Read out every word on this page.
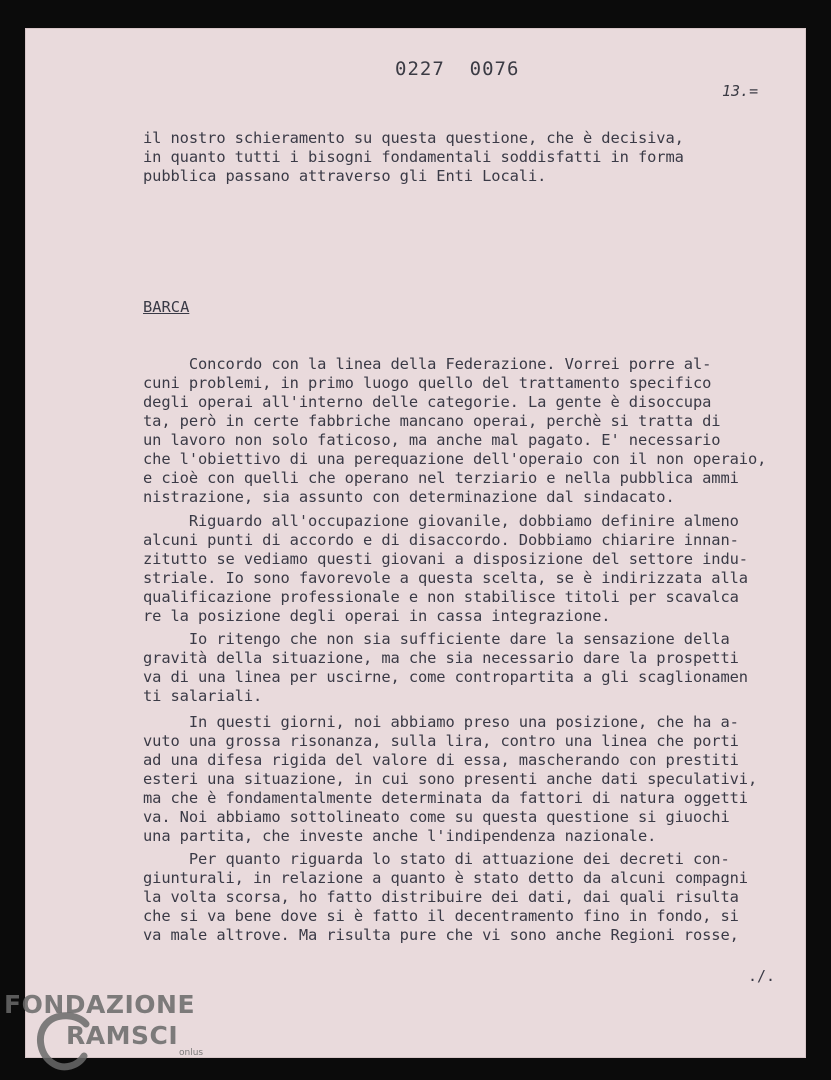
0227  0076
13.=
il nostro schieramento su questa questione, che è decisiva,
in quanto tutti i bisogni fondamentali soddisfatti in forma
pubblica passano attraverso gli Enti Locali.
BARCA
Concordo con la linea della Federazione. Vorrei porre al-
cuni problemi, in primo luogo quello del trattamento specifico
degli operai all'interno delle categorie. La gente è disoccupa
ta, però in certe fabbriche mancano operai, perchè si tratta di
un lavoro non solo faticoso, ma anche mal pagato. E' necessario
che l'obiettivo di una perequazione dell'operaio con il non operaio,
e cioè con quelli che operano nel terziario e nella pubblica ammi
nistrazione, sia assunto con determinazione dal sindacato.
Riguardo all'occupazione giovanile, dobbiamo definire almeno
alcuni punti di accordo e di disaccordo. Dobbiamo chiarire innan-
zitutto se vediamo questi giovani a disposizione del settore indu-
striale. Io sono favorevole a questa scelta, se è indirizzata alla
qualificazione professionale e non stabilisce titoli per scavalca
re la posizione degli operai in cassa integrazione.
Io ritengo che non sia sufficiente dare la sensazione della
gravità della situazione, ma che sia necessario dare la prospetti
va di una linea per uscirne, come contropartita a gli scaglionamen
ti salariali.
In questi giorni, noi abbiamo preso una posizione, che ha a-
vuto una grossa risonanza, sulla lira, contro una linea che porti
ad una difesa rigida del valore di essa, mascherando con prestiti
esteri una situazione, in cui sono presenti anche dati speculativi,
ma che è fondamentalmente determinata da fattori di natura oggetti
va. Noi abbiamo sottolineato come su questa questione si giuochi
una partita, che investe anche l'indipendenza nazionale.
Per quanto riguarda lo stato di attuazione dei decreti con-
giunturali, in relazione a quanto è stato detto da alcuni compagni
la volta scorsa, ho fatto distribuire dei dati, dai quali risulta
che si va bene dove si è fatto il decentramento fino in fondo, si
va male altrove. Ma risulta pure che vi sono anche Regioni rosse,
./.
FONDAZIONE
RAMSCI
onlus
